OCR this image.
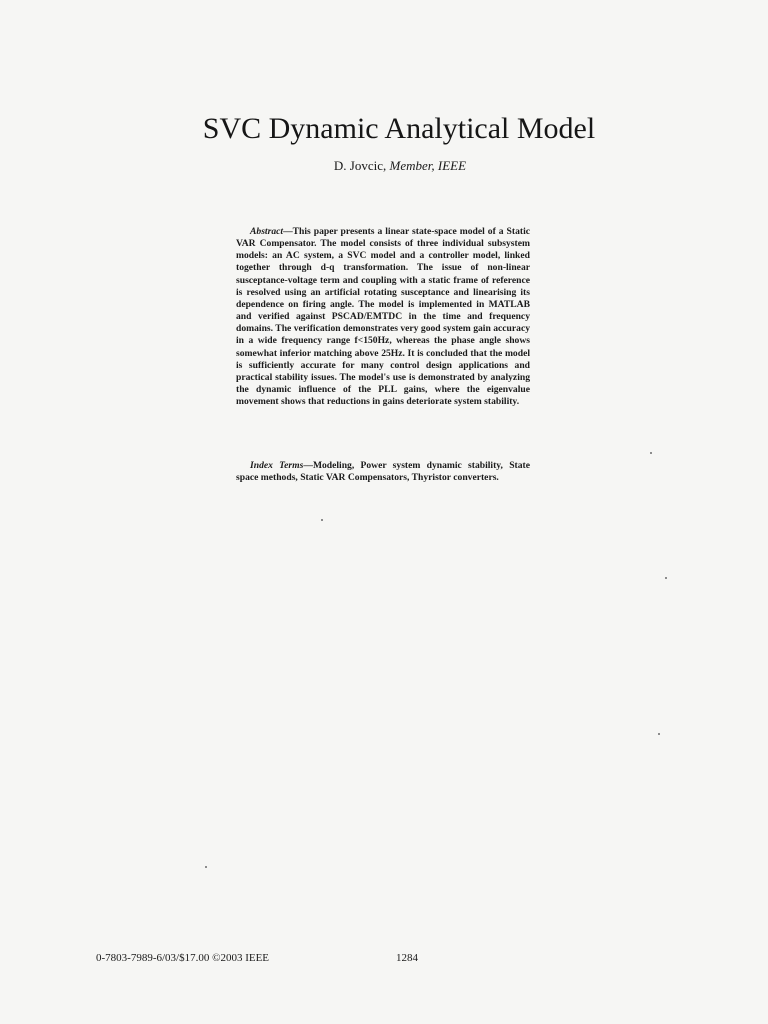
SVC Dynamic Analytical Model
D. Jovcic, Member, IEEE

Abstract—This paper presents a linear state-space model of a Static VAR Compensator. The model consists of three individual subsystem models: an AC system, a SVC model and a controller model, linked together through d-q transformation. The issue of non-linear susceptance-voltage term and coupling with a static frame of reference is resolved using an artificial rotating susceptance and linearising its dependence on firing angle. The model is implemented in MATLAB and verified against PSCAD/EMTDC in the time and frequency domains. The verification demonstrates very good system gain accuracy in a wide frequency range f<150Hz, whereas the phase angle shows somewhat inferior matching above 25Hz. It is concluded that the model is sufficiently accurate for many control design applications and practical stability issues. The model's use is demonstrated by analyzing the dynamic influence of the PLL gains, where the eigenvalue movement shows that reductions in gains deteriorate system stability.

Index Terms—Modeling, Power system dynamic stability, State space methods, Static VAR Compensators, Thyristor converters.

0-7803-7989-6/03/$17.00 ©2003 IEEE	1284
